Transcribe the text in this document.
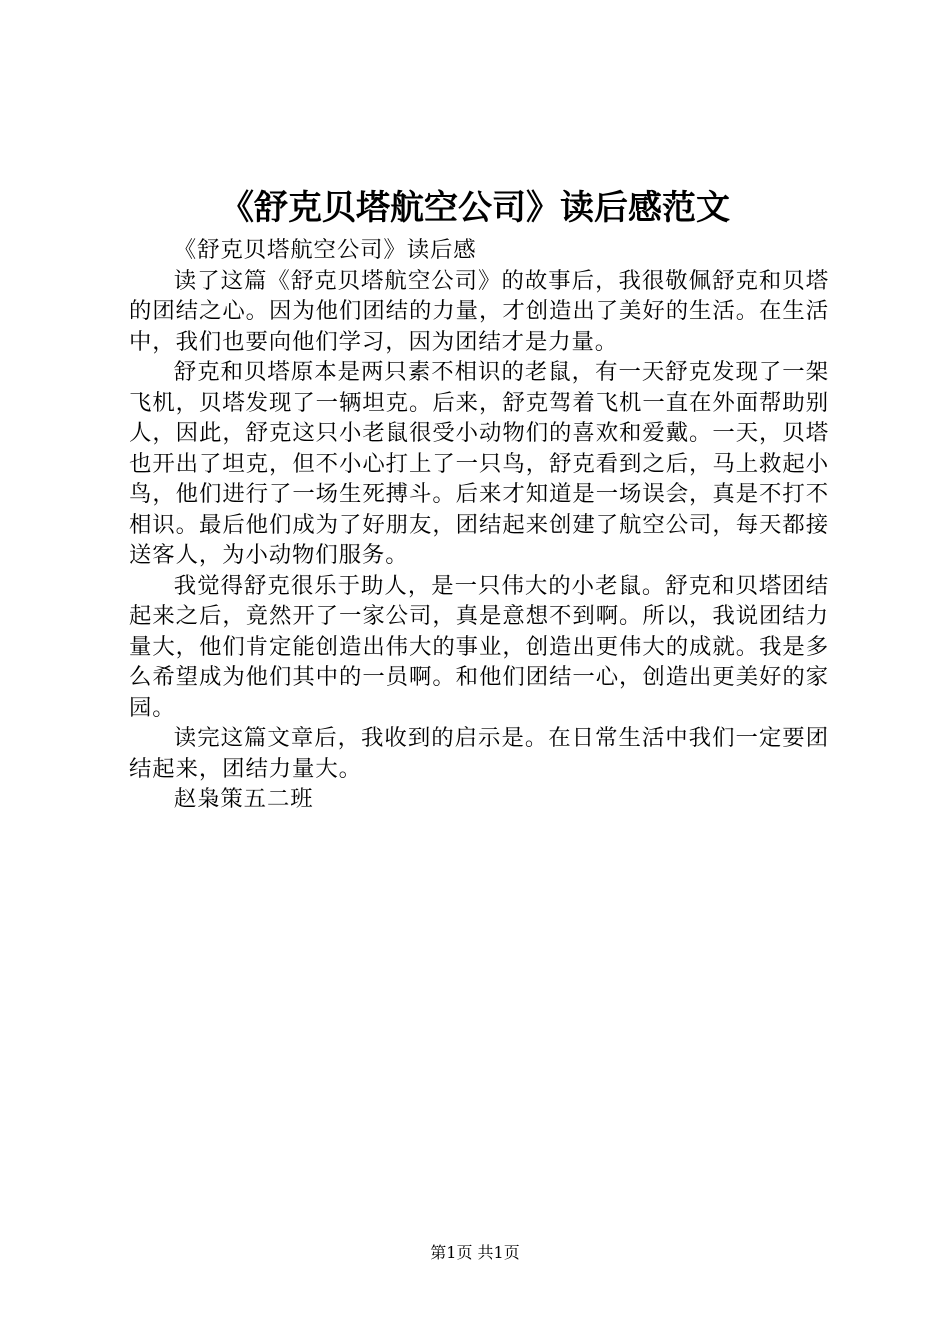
《舒克贝塔航空公司》读后感范文

《舒克贝塔航空公司》读后感

读了这篇《舒克贝塔航空公司》的故事后，我很敬佩舒克和贝塔的团结之心。因为他们团结的力量，才创造出了美好的生活。在生活中，我们也要向他们学习，因为团结才是力量。

舒克和贝塔原本是两只素不相识的老鼠，有一天舒克发现了一架飞机，贝塔发现了一辆坦克。后来，舒克驾着飞机一直在外面帮助别人，因此，舒克这只小老鼠很受小动物们的喜欢和爱戴。一天，贝塔也开出了坦克，但不小心打上了一只鸟，舒克看到之后，马上救起小鸟，他们进行了一场生死搏斗。后来才知道是一场误会，真是不打不相识。最后他们成为了好朋友，团结起来创建了航空公司，每天都接送客人，为小动物们服务。

我觉得舒克很乐于助人，是一只伟大的小老鼠。舒克和贝塔团结起来之后，竟然开了一家公司，真是意想不到啊。所以，我说团结力量大，他们肯定能创造出伟大的事业，创造出更伟大的成就。我是多么希望成为他们其中的一员啊。和他们团结一心，创造出更美好的家园。

读完这篇文章后，我收到的启示是。在日常生活中我们一定要团结起来，团结力量大。

赵枭策五二班

第1页 共1页
